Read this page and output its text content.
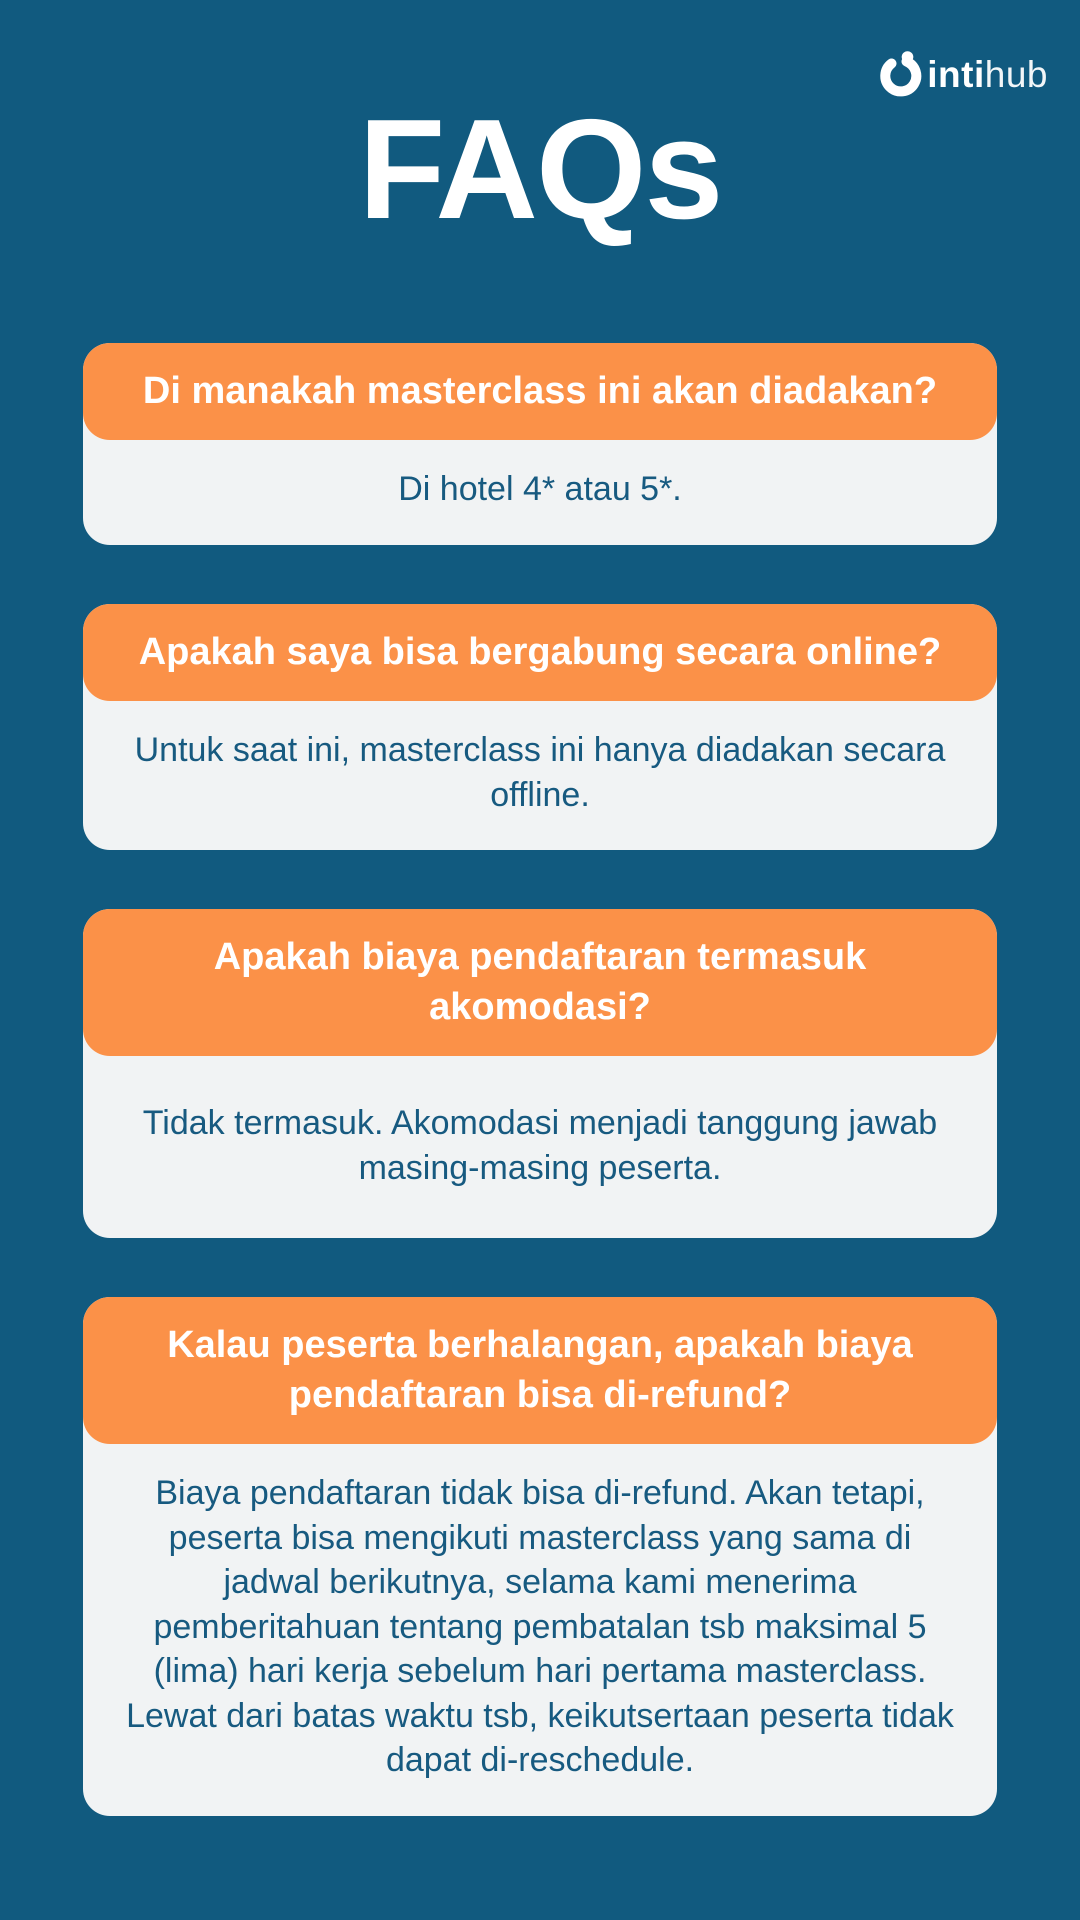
intihub
FAQs
Di manakah masterclass ini akan diadakan?

Di hotel 4* atau 5*.

Apakah saya bisa bergabung secara online?

Untuk saat ini, masterclass ini hanya diadakan secara offline.

Apakah biaya pendaftaran termasuk akomodasi?

Tidak termasuk. Akomodasi menjadi tanggung jawab masing-masing peserta.

Kalau peserta berhalangan, apakah biaya pendaftaran bisa di-refund?

Biaya pendaftaran tidak bisa di-refund. Akan tetapi, peserta bisa mengikuti masterclass yang sama di jadwal berikutnya, selama kami menerima pemberitahuan tentang pembatalan tsb maksimal 5 (lima) hari kerja sebelum hari pertama masterclass.

Lewat dari batas waktu tsb, keikutsertaan peserta tidak dapat di-reschedule.
